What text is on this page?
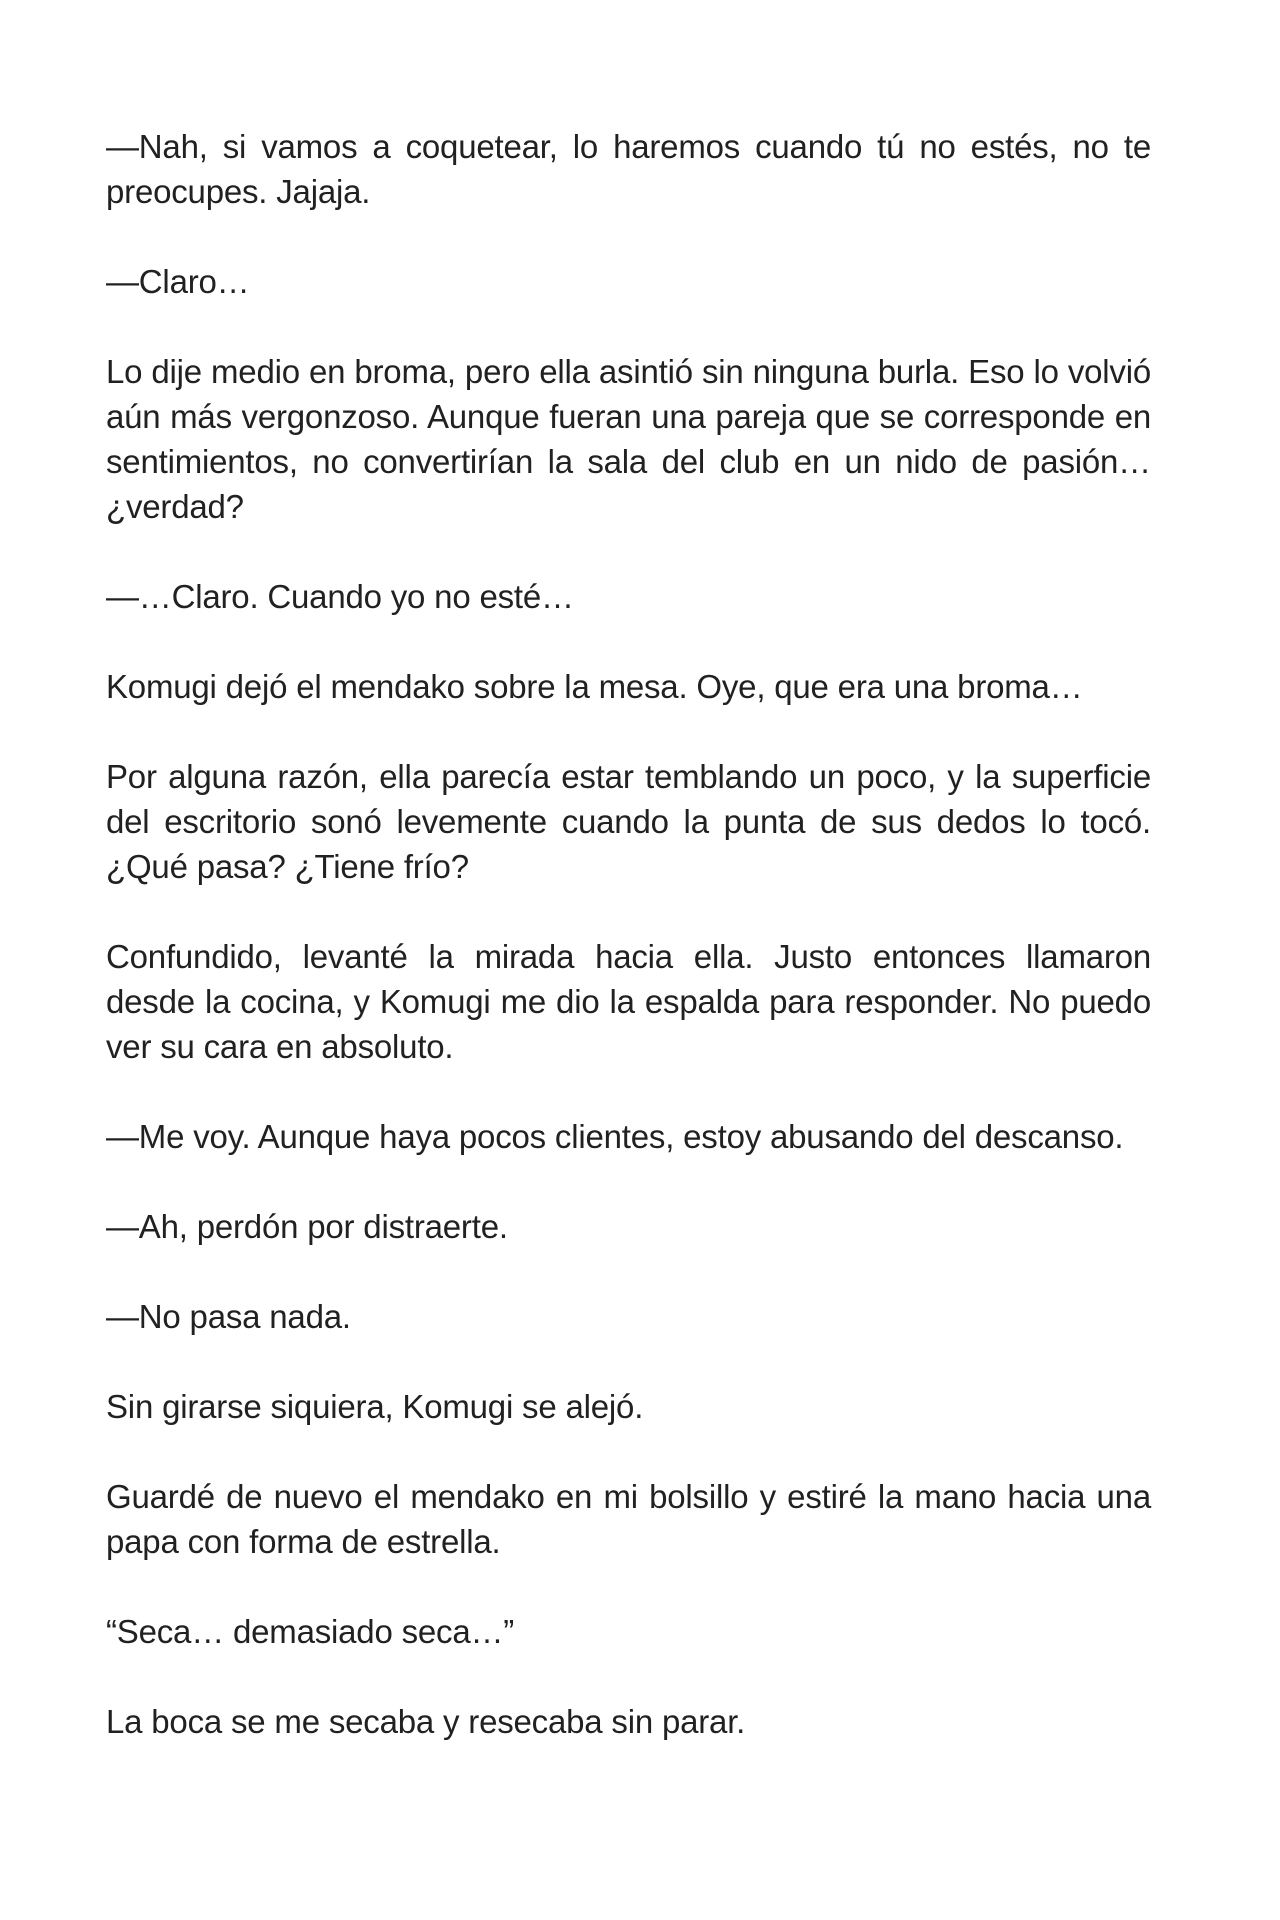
—Nah, si vamos a coquetear, lo haremos cuando tú no estés, no te preocupes. Jajaja.

—Claro…

Lo dije medio en broma, pero ella asintió sin ninguna burla. Eso lo volvió aún más vergonzoso. Aunque fueran una pareja que se corresponde en sentimientos, no convertirían la sala del club en un nido de pasión… ¿verdad?

—…Claro. Cuando yo no esté…

Komugi dejó el mendako sobre la mesa. Oye, que era una broma…

Por alguna razón, ella parecía estar temblando un poco, y la superficie del escritorio sonó levemente cuando la punta de sus dedos lo tocó. ¿Qué pasa? ¿Tiene frío?

Confundido, levanté la mirada hacia ella. Justo entonces llamaron desde la cocina, y Komugi me dio la espalda para responder. No puedo ver su cara en absoluto.

—Me voy. Aunque haya pocos clientes, estoy abusando del descanso.

—Ah, perdón por distraerte.

—No pasa nada.

Sin girarse siquiera, Komugi se alejó.

Guardé de nuevo el mendako en mi bolsillo y estiré la mano hacia una papa con forma de estrella.

“Seca… demasiado seca…”

La boca se me secaba y resecaba sin parar.
